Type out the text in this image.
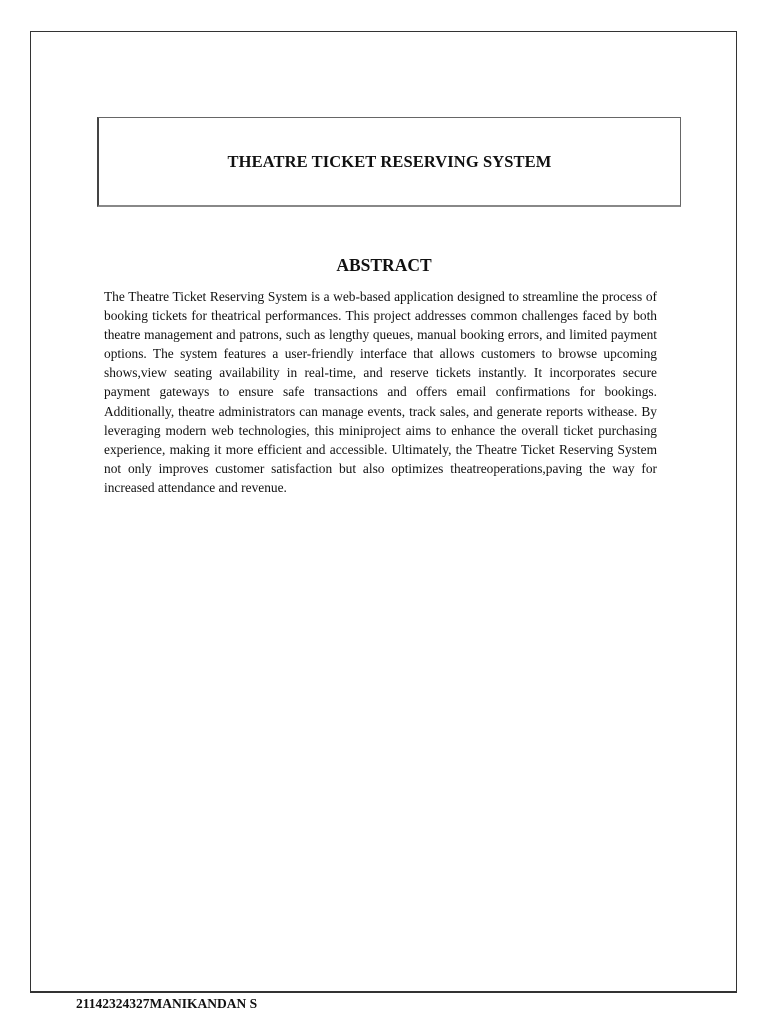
THEATRE TICKET RESERVING SYSTEM
ABSTRACT

The Theatre Ticket Reserving System is a web-based application designed to streamline the process of booking tickets for theatrical performances. This project addresses common challenges faced by both theatre management and patrons, such as lengthy queues, manual booking errors, and limited payment options. The system features a user-friendly interface that allows customers to browse upcoming shows,view seating availability in real-time, and reserve tickets instantly. It incorporates secure payment gateways to ensure safe transactions and offers email confirmations for bookings. Additionally, theatre administrators can manage events, track sales, and generate reports withease. By leveraging modern web technologies, this miniproject aims to enhance the overall ticket purchasing experience, making it more efficient and accessible. Ultimately, the Theatre Ticket Reserving System not only improves customer satisfaction but also optimizes theatreoperations,paving the way for increased attendance and revenue.

21142324327MANIKANDAN S
